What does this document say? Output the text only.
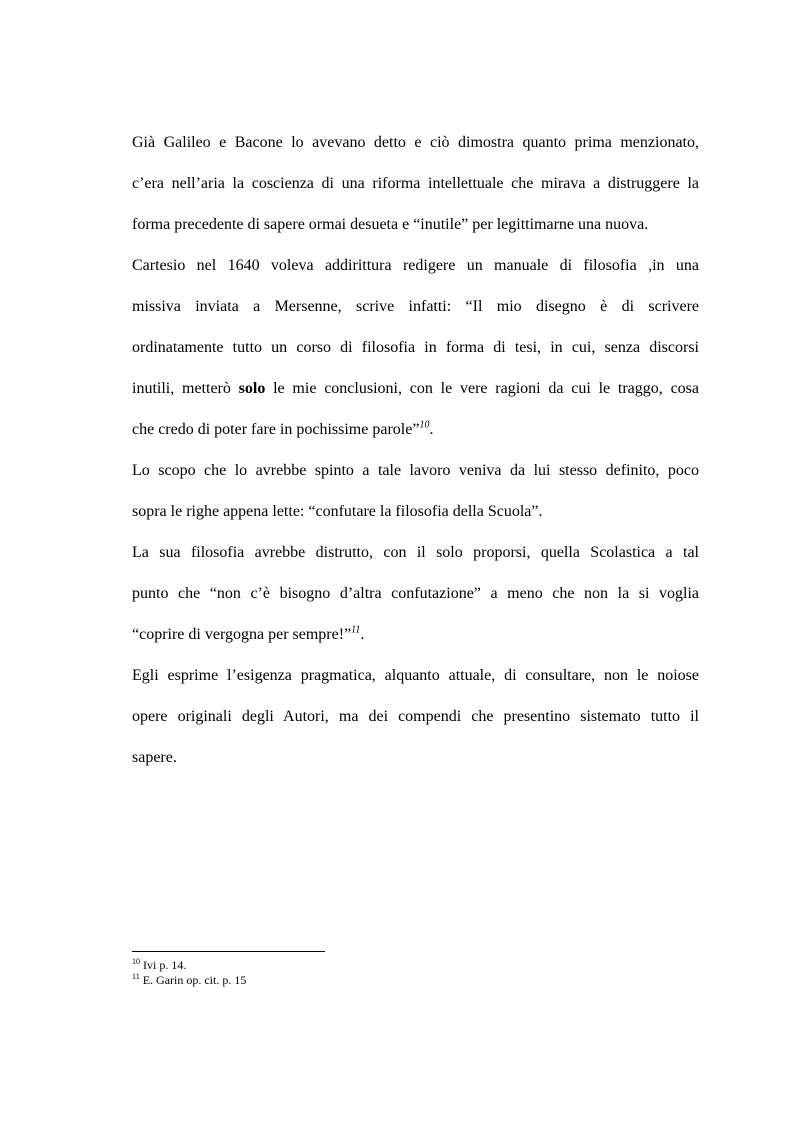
Già Galileo e Bacone lo avevano detto e ciò dimostra quanto prima menzionato,
c’era nell’aria la coscienza di una riforma intellettuale che mirava a distruggere la
forma precedente di sapere ormai desueta e “inutile” per legittimarne una nuova.
Cartesio nel 1640 voleva addirittura redigere un manuale di filosofia ,in una
missiva inviata a Mersenne, scrive infatti: “Il mio disegno è di scrivere
ordinatamente tutto un corso di filosofia in forma di tesi, in cui, senza discorsi
inutili, metterò solo le mie conclusioni, con le vere ragioni da cui le traggo, cosa
che credo di poter fare in pochissime parole”$^{10}$.
Lo scopo che lo avrebbe spinto a tale lavoro veniva da lui stesso definito, poco
sopra le righe appena lette: “confutare la filosofia della Scuola”.
La sua filosofia avrebbe distrutto, con il solo proporsi, quella Scolastica a tal
punto che “non c’è bisogno d’altra confutazione” a meno che non la si voglia
“coprire di vergogna per sempre!”$^{11}$.
Egli esprime l’esigenza pragmatica, alquanto attuale, di consultare, non le noiose
opere originali degli Autori, ma dei compendi che presentino sistemato tutto il
sapere.
$^{10}$ Ivi p. 14.
$^{11}$ E. Garin op. cit. p. 15
